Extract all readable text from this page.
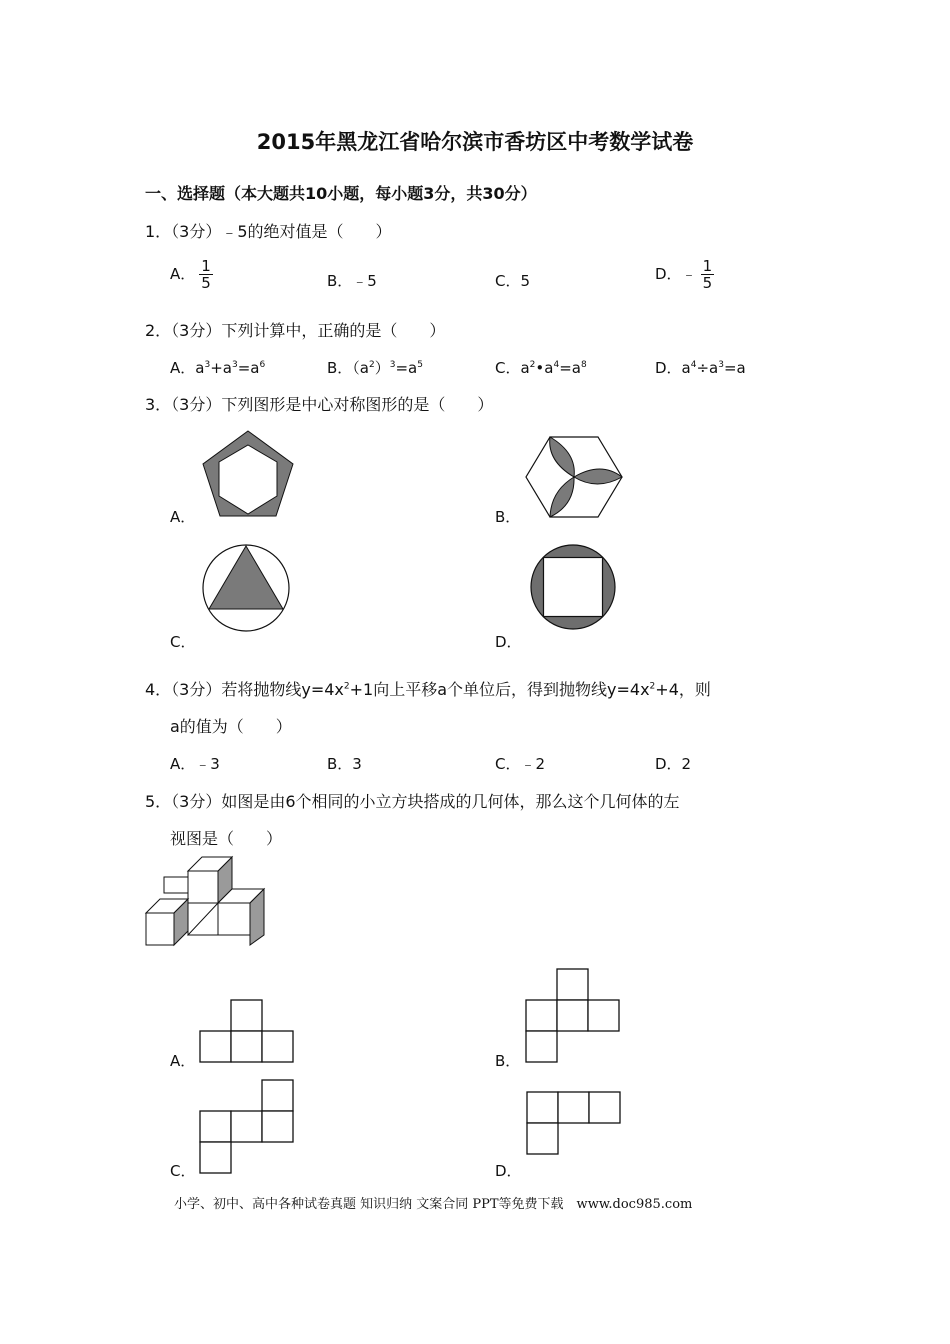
2015年黑龙江省哈尔滨市香坊区中考数学试卷
一、选择题（本大题共10小题，每小题3分，共30分）
1．（3分）﹣5的绝对值是（　　）
A． $\frac{1}{5}$	B．﹣5	C．5	D．﹣ $\frac{1}{5}$
2．（3分）下列计算中，正确的是（　　）
A．$a^3+a^3=a^6$	B．$(a^2)^3=a^5$	C．$a^2•a^4=a^8$	D．$a^4\div a^3=a$
3．（3分）下列图形是中心对称图形的是（　　）
A．	B．
C．	D．
4．（3分）若将抛物线$y=4x^2+1$向上平移a个单位后，得到抛物线$y=4x^2+4$，则
a的值为（　　）
A．﹣3	B．3	C．﹣2	D．2
5．（3分）如图是由6个相同的小立方块搭成的几何体，那么这个几何体的左
视图是（　　）
A．	B．
C．	D．
小学、初中、高中各种试卷真题 知识归纳 文案合同 PPT等免费下载　www.doc985.com
